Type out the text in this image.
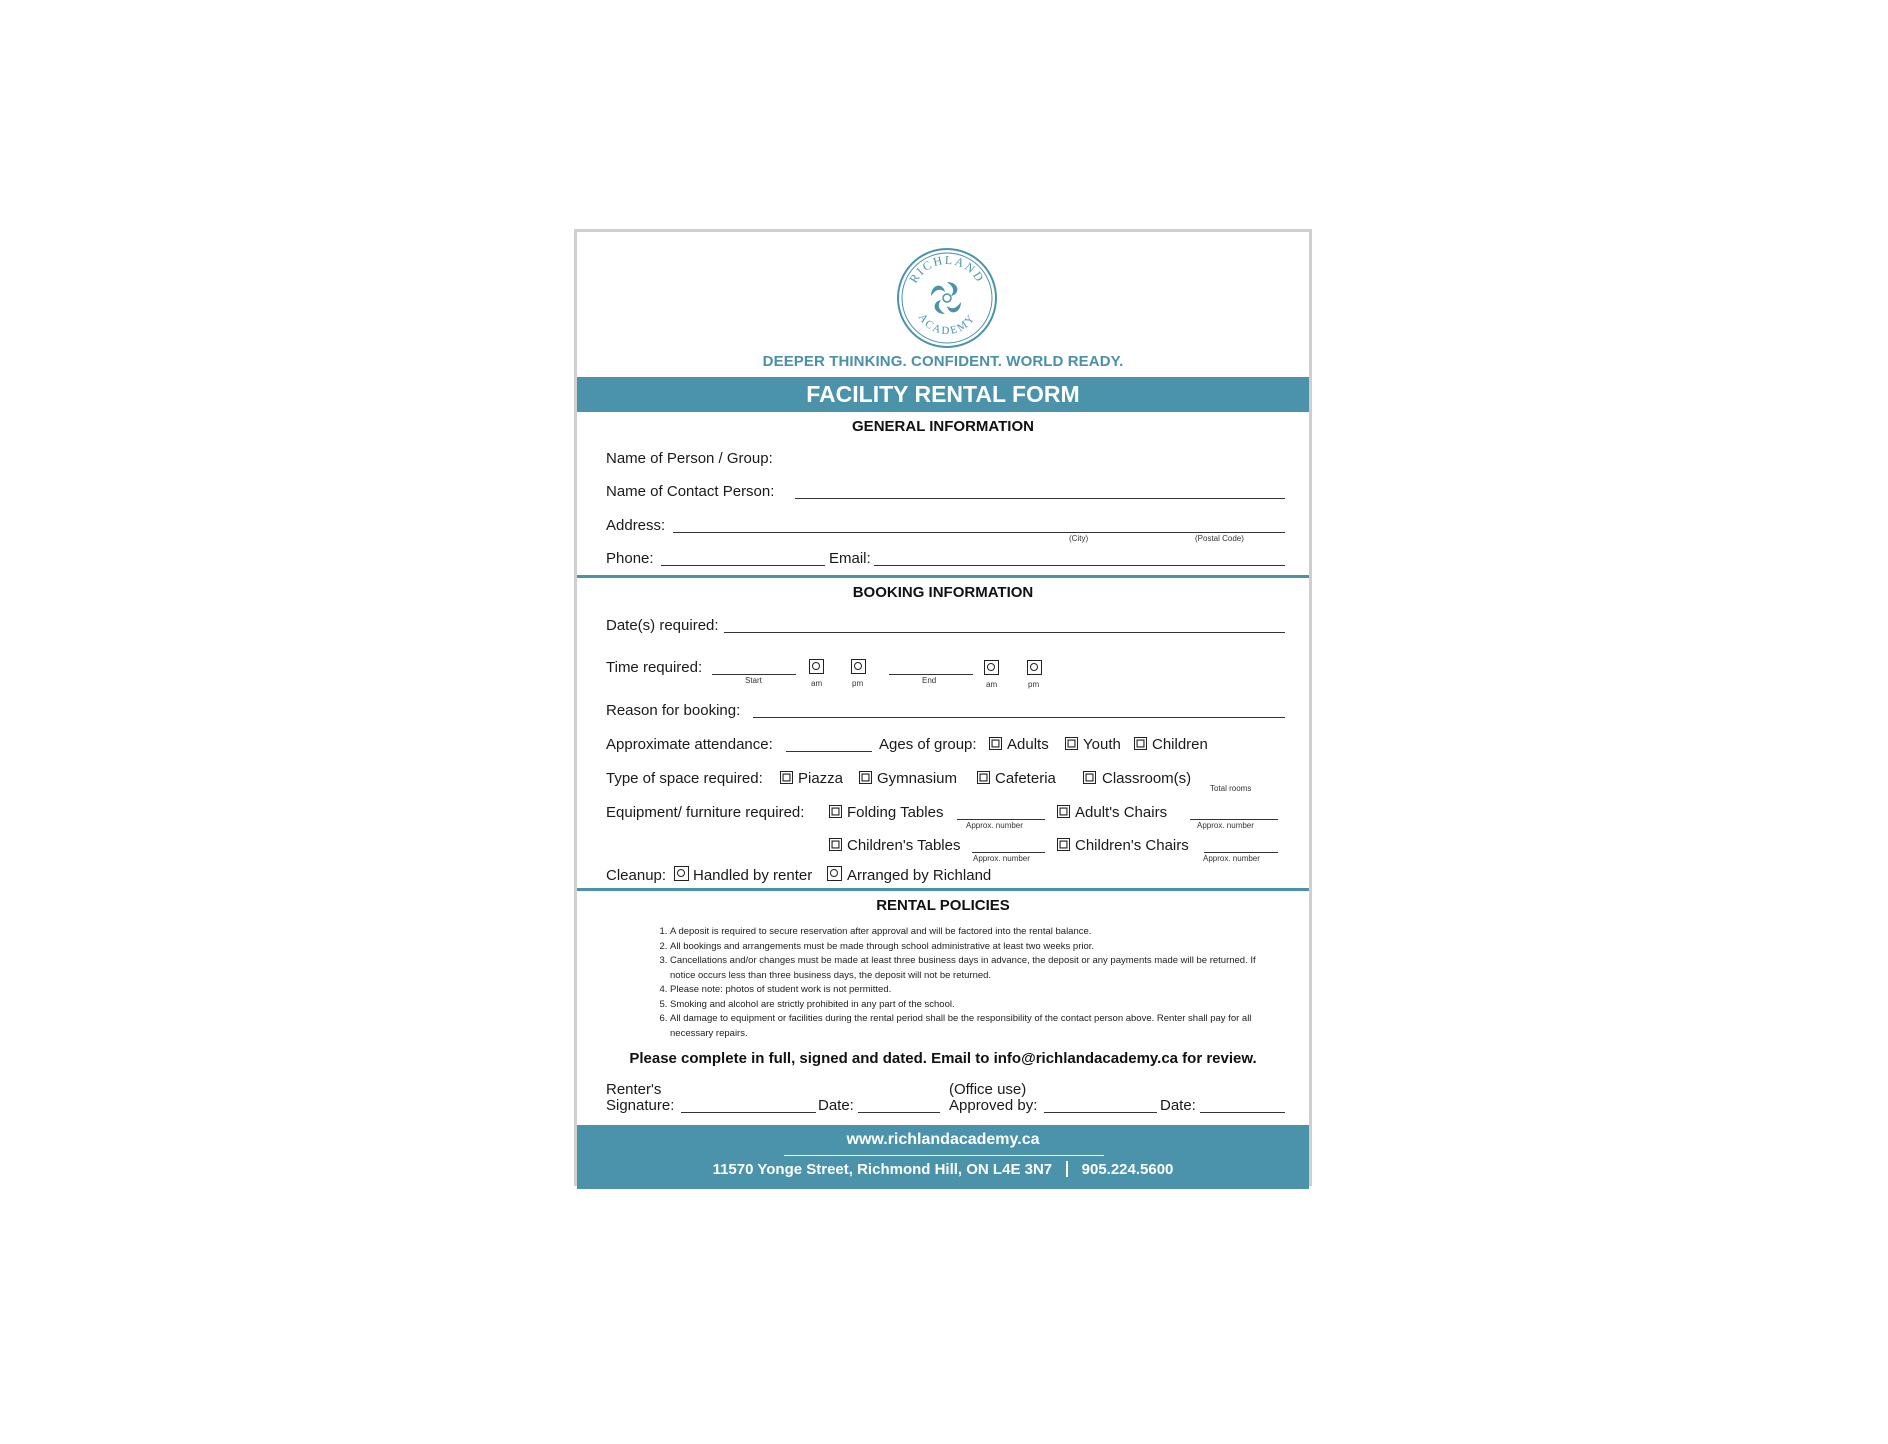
RICHLAND
ACADEMY
DEEPER THINKING. CONFIDENT. WORLD READY.
FACILITY RENTAL FORM
GENERAL INFORMATION
Name of Person / Group:
Name of Contact Person:
Address:
(City)	(Postal Code)
Phone:	Email:
BOOKING INFORMATION
Date(s) required:
Time required:
Start	am	pm	End	am	pm
Reason for booking:
Approximate attendance:	Ages of group: Adults Youth Children
Type of space required: Piazza Gymnasium	Cafeteria	Classroom(s)
Total rooms
Equipment/ furniture required:	Folding Tables
Approx. number
Adult's Chairs
Approx. number
Children's Tables
Approx. number
Children's Chairs
Approx. number
Cleanup: Handled by renter Arranged by Richland
RENTAL POLICIES
1. A deposit is required to secure reservation after approval and will be factored into the rental balance.
2. All bookings and arrangements must be made through school administrative at least two weeks prior.
3. Cancellations and/or changes must be made at least three business days in advance, the deposit or any payments made will be returned. If notice occurs less than three business days, the deposit will not be returned.
4. Please note: photos of student work is not permitted.
5. Smoking and alcohol are strictly prohibited in any part of the school.
6. All damage to equipment or facilities during the rental period shall be the responsibility of the contact person above. Renter shall pay for all necessary repairs.
Please complete in full, signed and dated. Email to info@richlandacademy.ca for review.
Renter's
Signature:	Date:
(Office use)
Approved by:	Date:
www.richlandacademy.ca
11570 Yonge Street, Richmond Hill, ON L4E 3N7 905.224.5600
